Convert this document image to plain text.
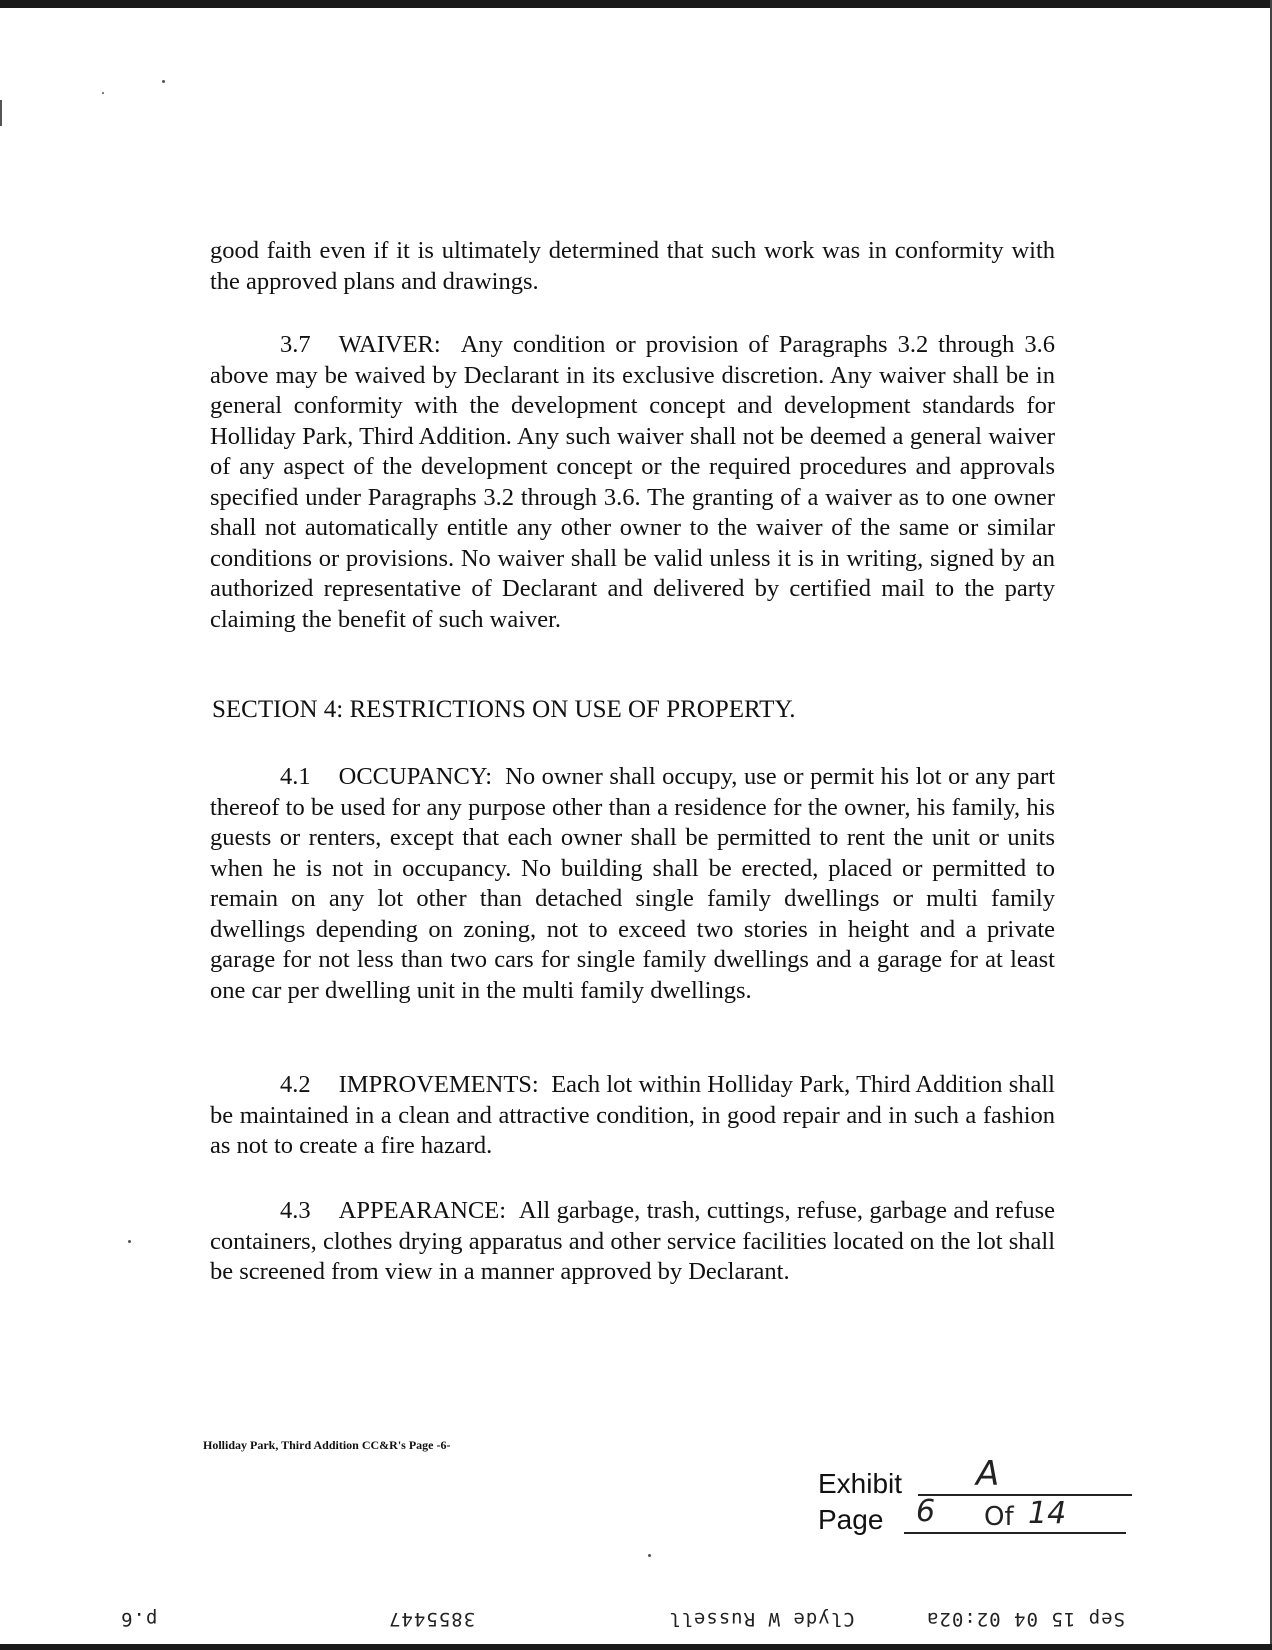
good faith even if it is ultimately determined that such work was in conformity with the approved plans and drawings.

3.7 WAIVER: Any condition or provision of Paragraphs 3.2 through 3.6 above may be waived by Declarant in its exclusive discretion. Any waiver shall be in general conformity with the development concept and development standards for Holliday Park, Third Addition. Any such waiver shall not be deemed a general waiver of any aspect of the development concept or the required procedures and approvals specified under Paragraphs 3.2 through 3.6. The granting of a waiver as to one owner shall not automatically entitle any other owner to the waiver of the same or similar conditions or provisions. No waiver shall be valid unless it is in writing, signed by an authorized representative of Declarant and delivered by certified mail to the party claiming the benefit of such waiver.

SECTION 4: RESTRICTIONS ON USE OF PROPERTY.

4.1 OCCUPANCY: No owner shall occupy, use or permit his lot or any part thereof to be used for any purpose other than a residence for the owner, his family, his guests or renters, except that each owner shall be permitted to rent the unit or units when he is not in occupancy. No building shall be erected, placed or permitted to remain on any lot other than detached single family dwellings or multi family dwellings depending on zoning, not to exceed two stories in height and a private garage for not less than two cars for single family dwellings and a garage for at least one car per dwelling unit in the multi family dwellings.

4.2 IMPROVEMENTS: Each lot within Holliday Park, Third Addition shall be maintained in a clean and attractive condition, in good repair and in such a fashion as not to create a fire hazard.

4.3 APPEARANCE: All garbage, trash, cuttings, refuse, garbage and refuse containers, clothes drying apparatus and other service facilities located on the lot shall be screened from view in a manner approved by Declarant.

Holliday Park, Third Addition CC&R's Page -6-
Exhibit A
Page 6 Of 14
p.6	3855447	Clyde W Russell	Sep 15 04 02:02a
